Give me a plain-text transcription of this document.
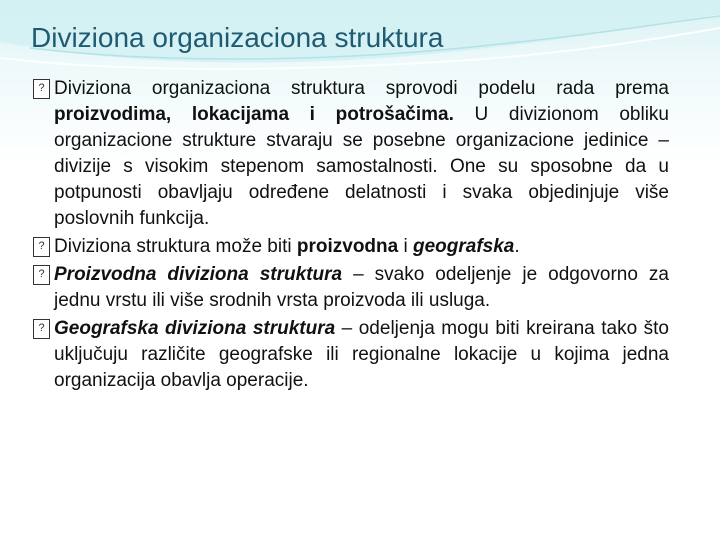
Diviziona organizaciona struktura

? Diviziona organizaciona struktura sprovodi podelu rada prema proizvodima, lokacijama i potrošačima. U divizionom obliku organizacione strukture stvaraju se posebne organizacione jedinice – divizije s visokim stepenom samostalnosti. One su sposobne da u potpunosti obavljaju određene delatnosti i svaka objedinjuje više poslovnih funkcija.

? Diviziona struktura može biti proizvodna i geografska.

? Proizvodna diviziona struktura – svako odeljenje je odgovorno za jednu vrstu ili više srodnih vrsta proizvoda ili usluga.

? Geografska diviziona struktura – odeljenja mogu biti kreirana tako što uključuju različite geografske ili regionalne lokacije u kojima jedna organizacija obavlja operacije.
